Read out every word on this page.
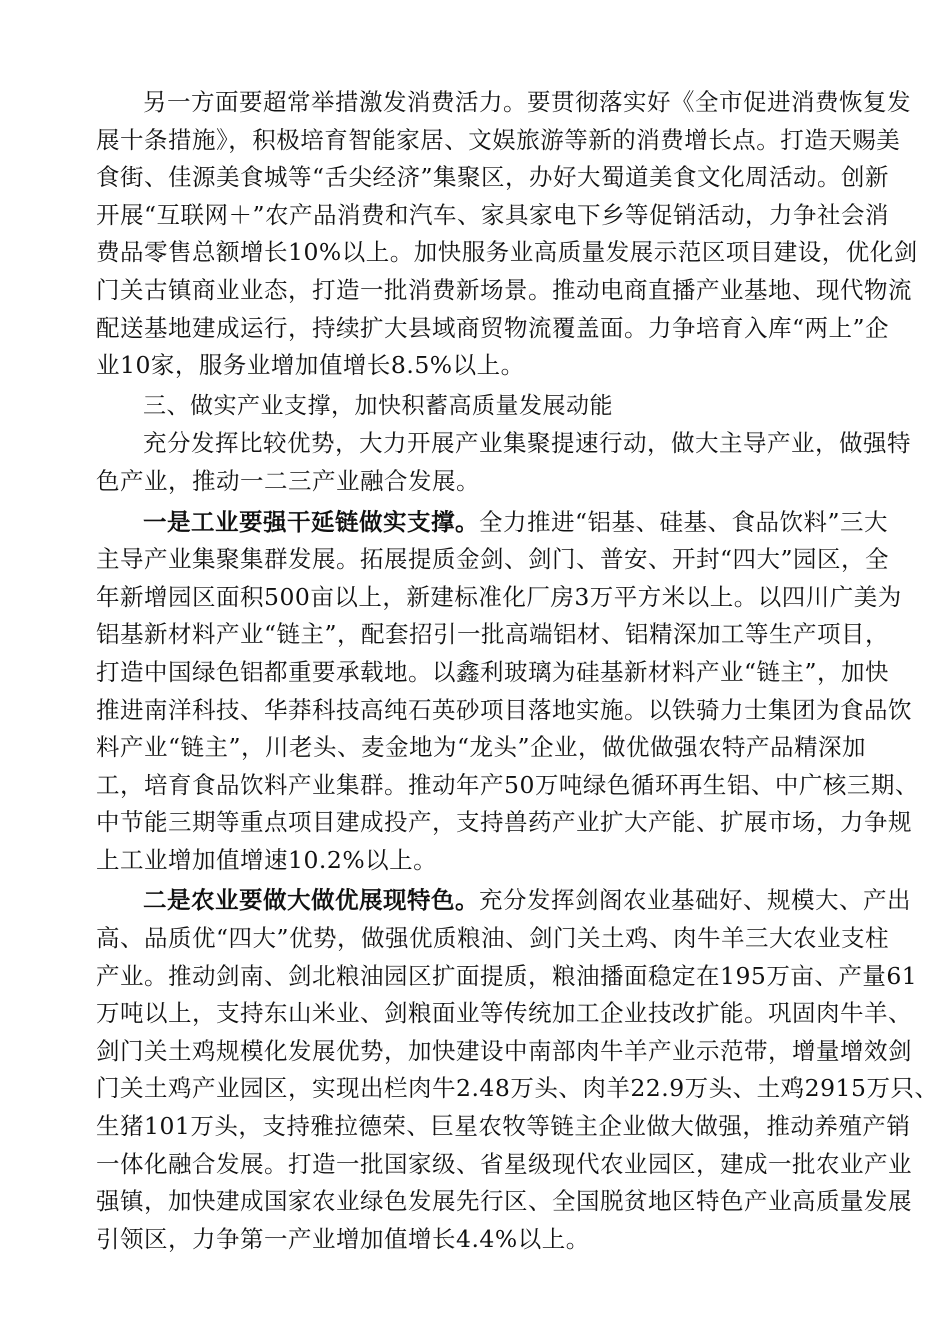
另一方面要超常举措激发消费活力。要贯彻落实好《全市促进消费恢复发
展十条措施》，积极培育智能家居、文娱旅游等新的消费增长点。打造天赐美
食街、佳源美食城等“舌尖经济”集聚区，办好大蜀道美食文化周活动。创新
开展“互联网＋”农产品消费和汽车、家具家电下乡等促销活动，力争社会消
费品零售总额增长10%以上。加快服务业高质量发展示范区项目建设，优化剑
门关古镇商业业态，打造一批消费新场景。推动电商直播产业基地、现代物流
配送基地建成运行，持续扩大县域商贸物流覆盖面。力争培育入库“两上”企
业10家，服务业增加值增长8.5%以上。
三、做实产业支撑，加快积蓄高质量发展动能
充分发挥比较优势，大力开展产业集聚提速行动，做大主导产业，做强特
色产业，推动一二三产业融合发展。
一是工业要强干延链做实支撑。全力推进“铝基、硅基、食品饮料”三大
主导产业集聚集群发展。拓展提质金剑、剑门、普安、开封“四大”园区，全
年新增园区面积500亩以上，新建标准化厂房3万平方米以上。以四川广美为
铝基新材料产业“链主”，配套招引一批高端铝材、铝精深加工等生产项目，
打造中国绿色铝都重要承载地。以鑫利玻璃为硅基新材料产业“链主”，加快
推进南洋科技、华莽科技高纯石英砂项目落地实施。以铁骑力士集团为食品饮
料产业“链主”，川老头、麦金地为“龙头”企业，做优做强农特产品精深加
工，培育食品饮料产业集群。推动年产50万吨绿色循环再生铝、中广核三期、
中节能三期等重点项目建成投产，支持兽药产业扩大产能、扩展市场，力争规
上工业增加值增速10.2%以上。
二是农业要做大做优展现特色。充分发挥剑阁农业基础好、规模大、产出
高、品质优“四大”优势，做强优质粮油、剑门关土鸡、肉牛羊三大农业支柱
产业。推动剑南、剑北粮油园区扩面提质，粮油播面稳定在195万亩、产量61
万吨以上，支持东山米业、剑粮面业等传统加工企业技改扩能。巩固肉牛羊、
剑门关土鸡规模化发展优势，加快建设中南部肉牛羊产业示范带，增量增效剑
门关土鸡产业园区，实现出栏肉牛2.48万头、肉羊22.9万头、土鸡2915万只、
生猪101万头，支持雅拉德荣、巨星农牧等链主企业做大做强，推动养殖产销
一体化融合发展。打造一批国家级、省星级现代农业园区，建成一批农业产业
强镇，加快建成国家农业绿色发展先行区、全国脱贫地区特色产业高质量发展
引领区，力争第一产业增加值增长4.4%以上。
